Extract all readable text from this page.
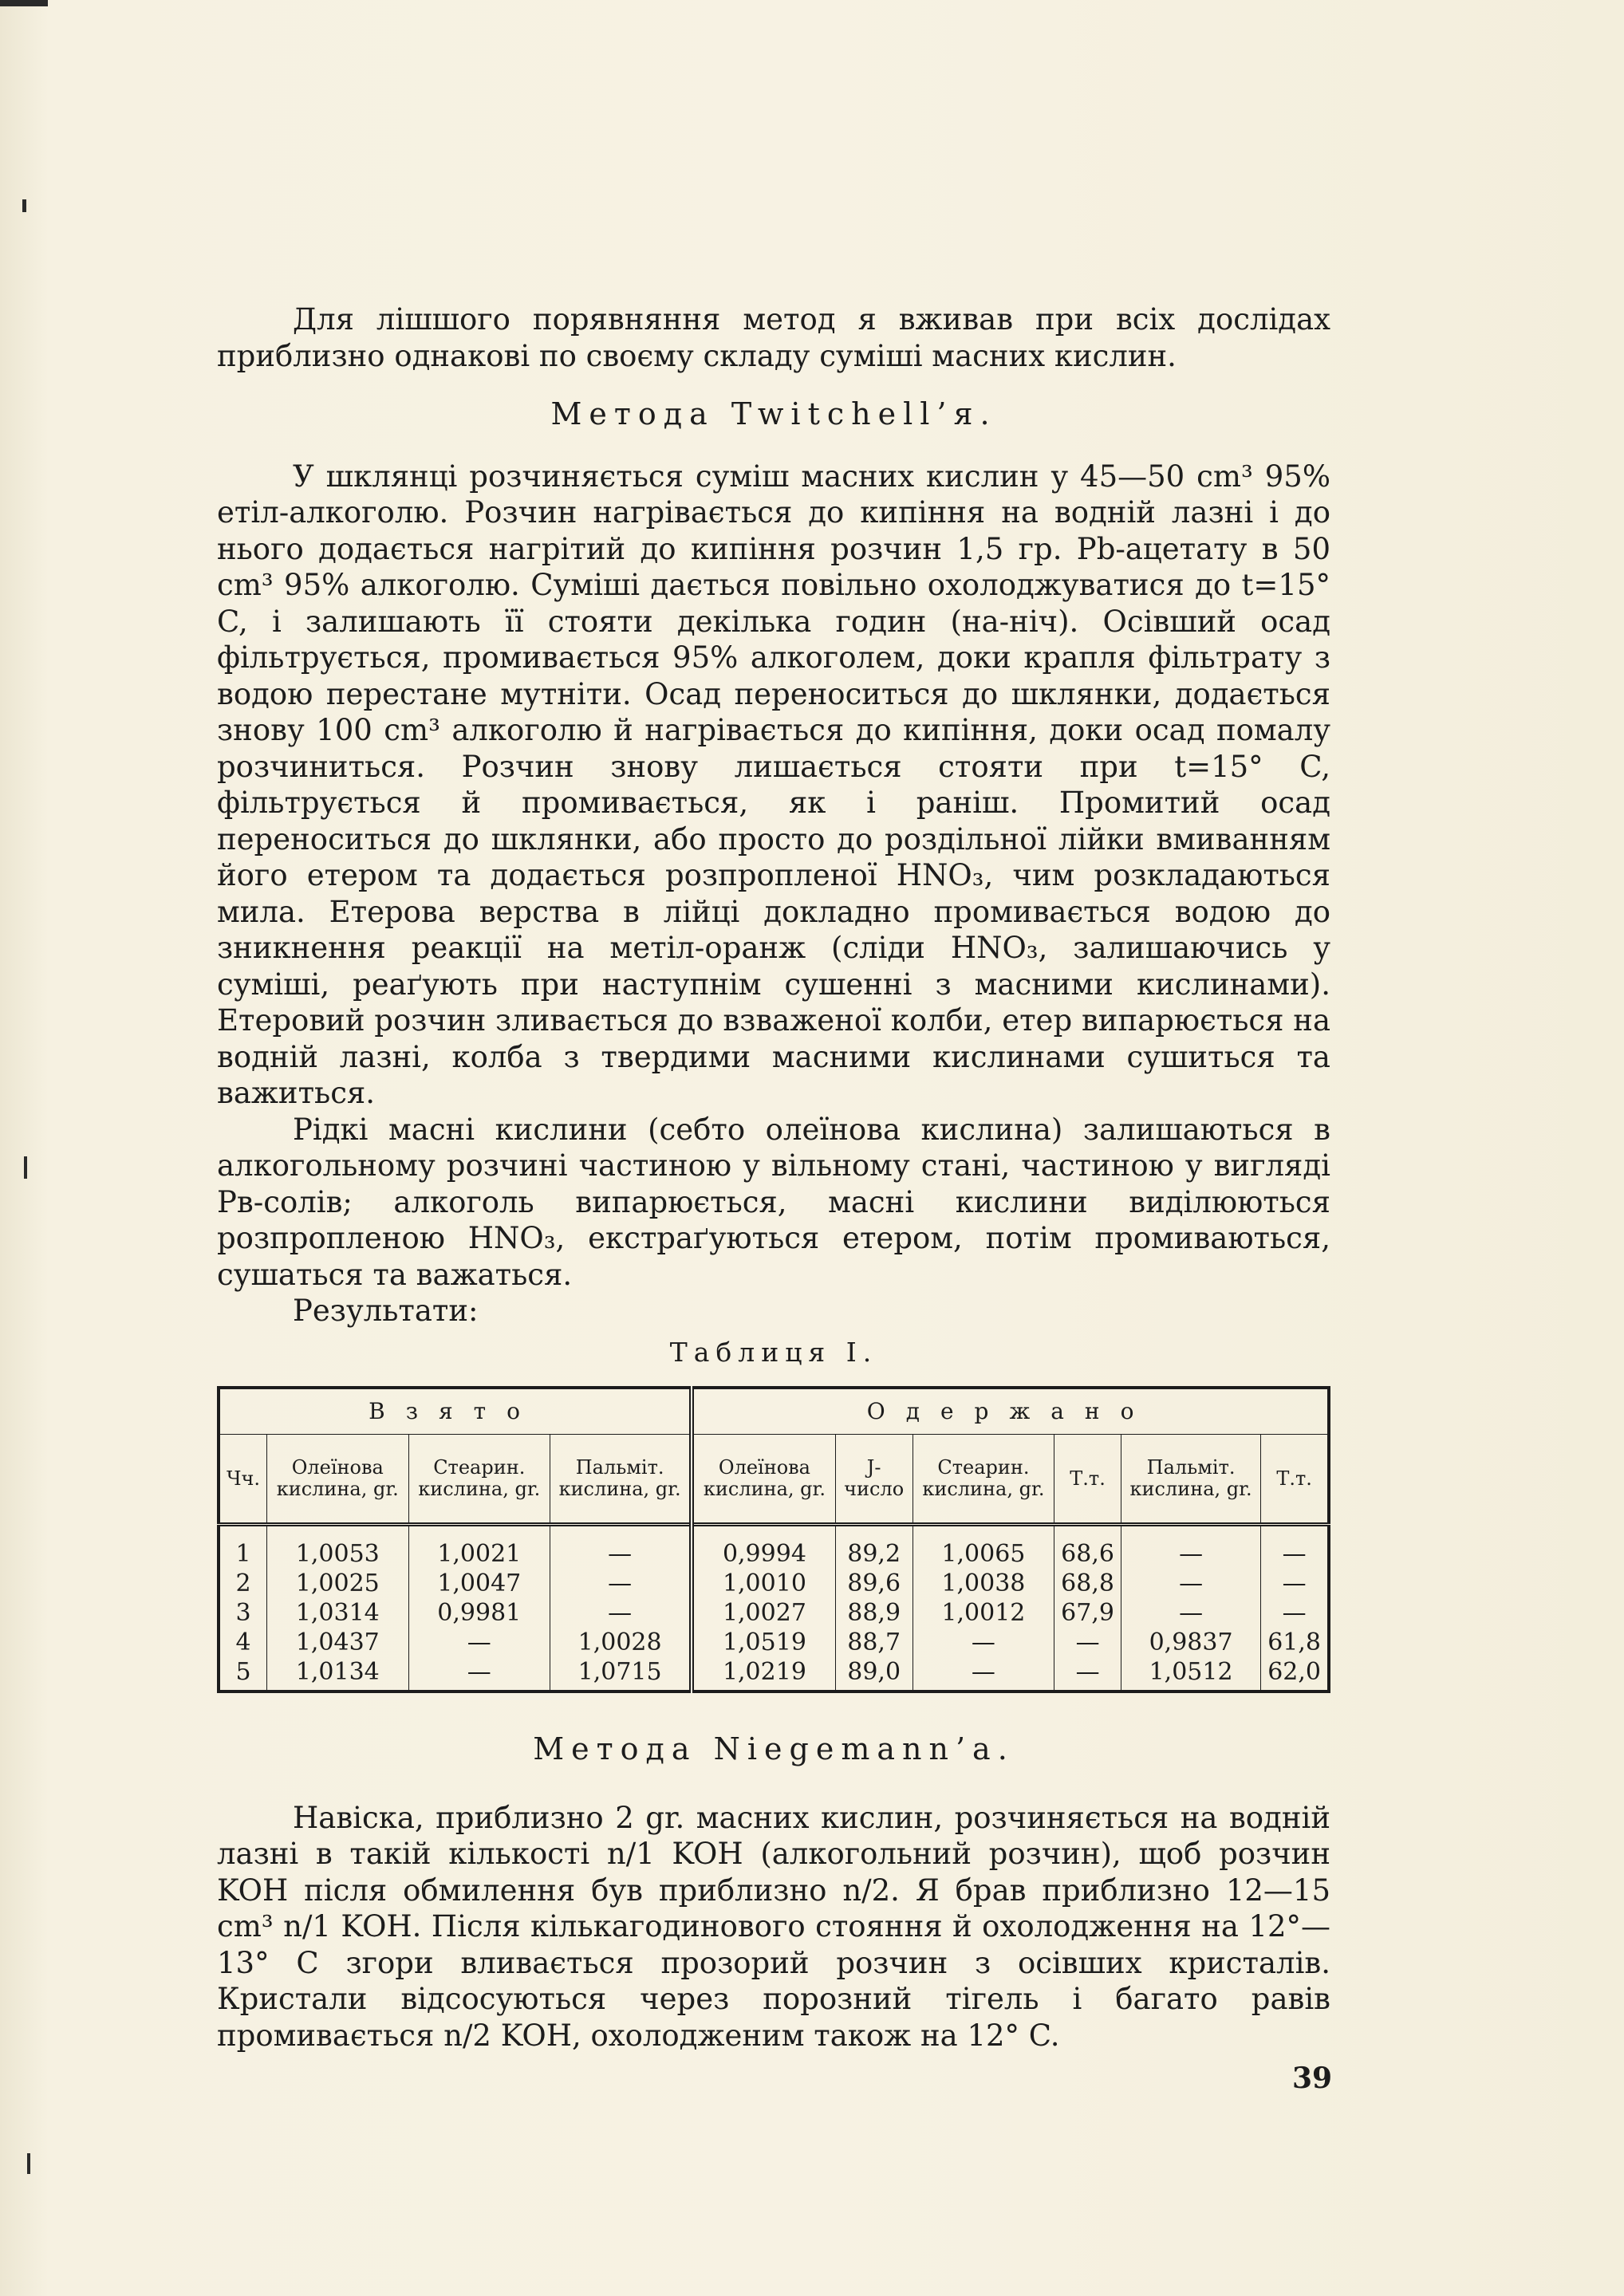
Для лішшого порявняння метод я вживав при всіх дослідах приблизно однакові по своєму складу суміші масних кислин.

Метода Twitchell’я.

У шклянці розчиняється суміш масних кислин у 45—50 cm³ 95% етіл-алкоголю. Розчин нагрівається до кипіння на водній лазні і до нього додається нагрітий до кипіння розчин 1,5 гр. Pb-ацетату в 50 cm³ 95% алкоголю. Суміші дається повільно охолоджуватися до t=15° C, і залишають її стояти декілька годин (на-ніч). Осівший осад фільтрується, промивається 95% алкоголем, доки крапля фільтрату з водою перестане мутніти. Осад переноситься до шклянки, додається знову 100 cm³ алкоголю й нагрівається до кипіння, доки осад помалу розчиниться. Розчин знову лишається стояти при t=15° C, фільтрується й промивається, як і раніш. Промитий осад переноситься до шклянки, або просто до роздільної лійки вмиванням його етером та додається розпропленої HNO₃, чим розкладаються мила. Етерова верства в лійці докладно промивається водою до зникнення реакції на метіл-оранж (сліди HNO₃, залишаючись у суміші, реаґують при наступнім сушенні з масними кислинами). Етеровий розчин зливається до взваженої колби, етер випарюється на водній лазні, колба з твердими масними кислинами сушиться та важиться.

Рідкі масні кислини (себто олеїнова кислина) залишаються в алкогольному розчині частиною у вільному стані, частиною у вигляді Рв-солів; алкоголь випарюється, масні кислини виділюються розпропленою HNO₃, екстраґуються етером, потім промиваються, сушаться та важаться.

Результати:
Таблиця I.
Взято				Одержано					
Чч.	Олеїнова кислина, gr.	Стеарин. кислина, gr.	Пальміт. кислина, gr.	Олеїнова кислина, gr.	J-число	Стеарин. кислина, gr.	Т.т.	Пальміт. кислина, gr.	Т.т.
1	1,0053	1,0021	—	0,9994	89,2	1,0065	68,6	—	—
2	1,0025	1,0047	—	1,0010	89,6	1,0038	68,8	—	—
3	1,0314	0,9981	—	1,0027	88,9	1,0012	67,9	—	—
4	1,0437	—	1,0028	1,0519	88,7	—	—	0,9837	61,8
5	1,0134	—	1,0715	1,0219	89,0	—	—	1,0512	62,0
Метода Niegemann’a.

Навіска, приблизно 2 gr. масних кислин, розчиняється на водній лазні в такій кількості n/1 KOH (алкогольний розчин), щоб розчин KOH після обмилення був приблизно n/2. Я брав приблизно 12—15 cm³ n/1 KOH. Після кількагодинового стояння й охолодження на 12°—13° C згори вливається прозорий розчин з осівших кристалів. Кристали відсосуються через порозний тігель і багато равів промивається n/2 KOH, охолодженим також на 12° C.

39
